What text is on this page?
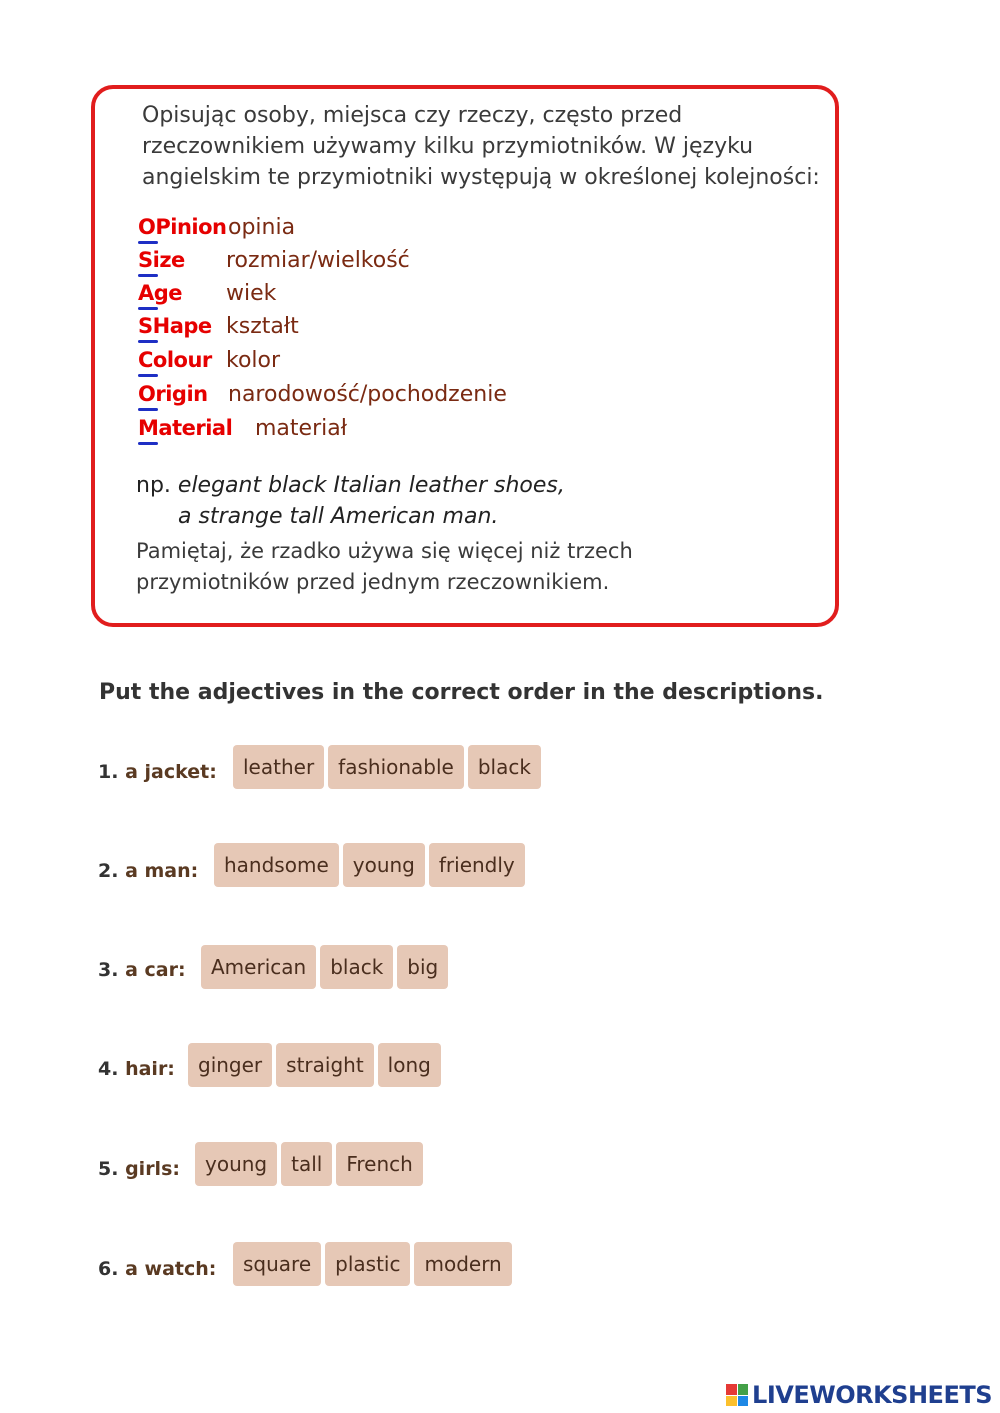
Opisując osoby, miejsca czy rzeczy, często przed rzeczownikiem używamy kilku przymiotników. W języku angielskim te przymiotniki występują w określonej kolejności:

OPinion opinia
Size	rozmiar/wielkość
Age	wiek
SHape kształt
Colour kolor
Origin narodowość/pochodzenie
Material	materiał
np. elegant black Italian leather shoes,
a strange tall American man.
Pamiętaj, że rzadko używa się więcej niż trzech przymiotników przed jednym rzeczownikiem.
Put the adjectives in the correct order in the descriptions.
1. a jacket:	leather	fashionable	black
2. a man:	handsome	young	friendly
3. a car:	American	black	big
4. hair:	ginger	straight	long
5. girls:	young	tall	French
6. a watch:	square	plastic	modern
LIVEWORKSHEETS
